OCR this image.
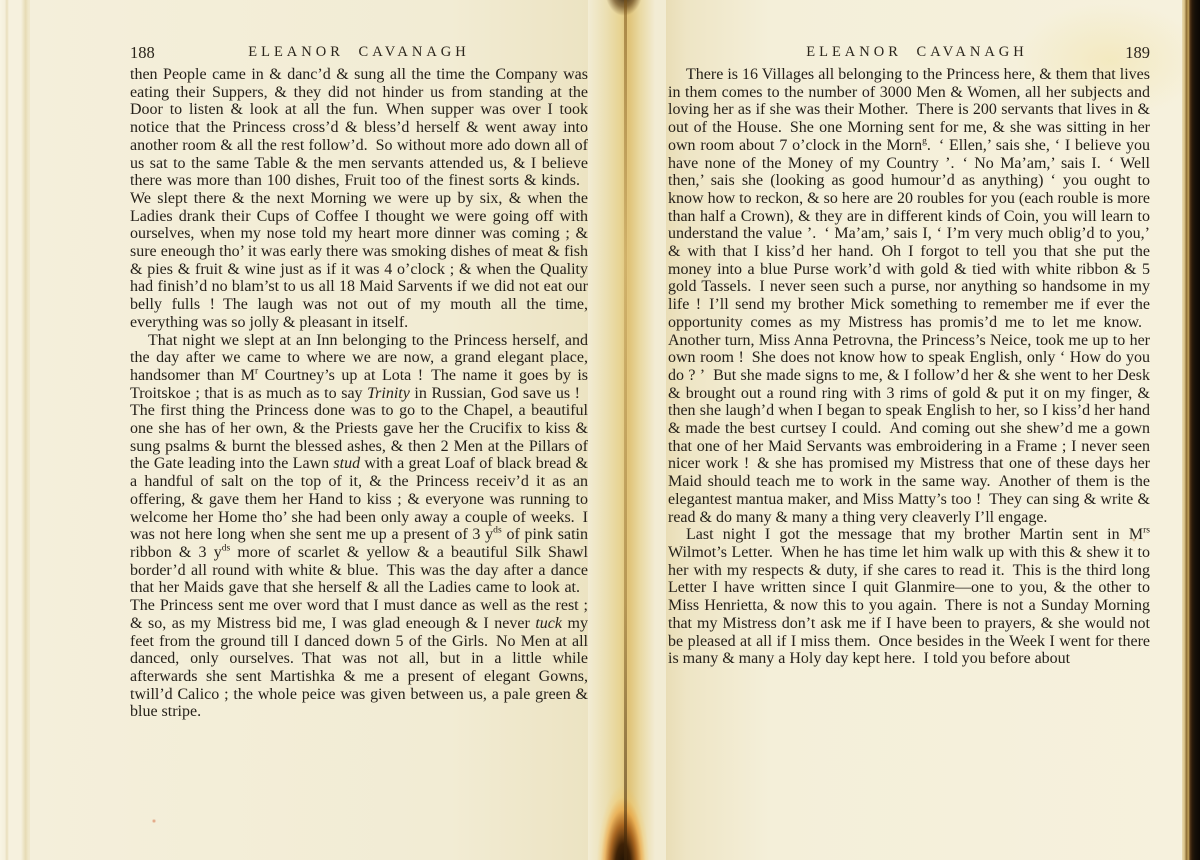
188	ELEANOR CAVANAGH

then People came in & danc’d & sung all the time the Company was eating their Suppers, & they did not hinder us from standing at the Door to listen & look at all the fun. When supper was over I took notice that the Princess cross’d & bless’d herself & went away into another room & all the rest follow’d. So without more ado down all of us sat to the same Table & the men servants attended us, & I believe there was more than 100 dishes, Fruit too of the finest sorts & kinds. We slept there & the next Morning we were up by six, & when the Ladies drank their Cups of Coffee I thought we were going off with ourselves, when my nose told my heart more dinner was coming ; & sure eneough tho’ it was early there was smoking dishes of meat & fish & pies & fruit & wine just as if it was 4 o’clock ; & when the Quality had finish’d no blam’st to us all 18 Maid Sarvents if we did not eat our belly fulls ! The laugh was not out of my mouth all the time, everything was so jolly & pleasant in itself.

That night we slept at an Inn belonging to the Princess herself, and the day after we came to where we are now, a grand elegant place, handsomer than $M^r$ Courtney’s up at Lota ! The name it goes by is Troitskoe ; that is as much as to say Trinity in Russian, God save us ! The first thing the Princess done was to go to the Chapel, a beautiful one she has of her own, & the Priests gave her the Crucifix to kiss & sung psalms & burnt the blessed ashes, & then 2 Men at the Pillars of the Gate leading into the Lawn stud with a great Loaf of black bread & a handful of salt on the top of it, & the Princess receiv’d it as an offering, & gave them her Hand to kiss ; & everyone was running to welcome her Home tho’ she had been only away a couple of weeks. I was not here long when she sent me up a present of 3 $y^{ds}$ of pink satin ribbon & 3 $y^{ds}$ more of scarlet & yellow & a beautiful Silk Shawl border’d all round with white & blue. This was the day after a dance that her Maids gave that she herself & all the Ladies came to look at. The Princess sent me over word that I must dance as well as the rest ; & so, as my Mistress bid me, I was glad eneough & I never tuck my feet from the ground till I danced down 5 of the Girls. No Men at all danced, only ourselves. That was not all, but in a little while afterwards she sent Martishka & me a present of elegant Gowns, twill’d Calico ; the whole peice was given between us, a pale green & blue stripe.

ELEANOR CAVANAGH	189

There is 16 Villages all belonging to the Princess here, & them that lives in them comes to the number of 3000 Men & Women, all her subjects and loving her as if she was their Mother. There is 200 servants that lives in & out of the House. She one Morning sent for me, & she was sitting in her own room about 7 o’clock in the Morn$^g$. ‘ Ellen,’ sais she, ‘ I believe you have none of the Money of my Country ’. ‘ No Ma’am,’ sais I. ‘ Well then,’ sais she (looking as good humour’d as anything) ‘ you ought to know how to reckon, & so here are 20 roubles for you (each rouble is more than half a Crown), & they are in different kinds of Coin, you will learn to understand the value ’. ‘ Ma’am,’ sais I, ‘ I’m very much oblig’d to you,’ & with that I kiss’d her hand. Oh I forgot to tell you that she put the money into a blue Purse work’d with gold & tied with white ribbon & 5 gold Tassels. I never seen such a purse, nor anything so handsome in my life ! I’ll send my brother Mick something to remember me if ever the opportunity comes as my Mistress has promis’d me to let me know. Another turn, Miss Anna Petrovna, the Princess’s Neice, took me up to her own room ! She does not know how to speak English, only ‘ How do you do ? ’ But she made signs to me, & I follow’d her & she went to her Desk & brought out a round ring with 3 rims of gold & put it on my finger, & then she laugh’d when I began to speak English to her, so I kiss’d her hand & made the best curtsey I could. And coming out she shew’d me a gown that one of her Maid Servants was embroidering in a Frame ; I never seen nicer work ! & she has promised my Mistress that one of these days her Maid should teach me to work in the same way. Another of them is the elegantest mantua maker, and Miss Matty’s too ! They can sing & write & read & do many & many a thing very cleaverly I’ll engage.

Last night I got the message that my brother Martin sent in $M^{rs}$ Wilmot’s Letter. When he has time let him walk up with this & shew it to her with my respects & duty, if she cares to read it. This is the third long Letter I have written since I quit Glanmire—one to you, & the other to Miss Henrietta, & now this to you again. There is not a Sunday Morning that my Mistress don’t ask me if I have been to prayers, & she would not be pleased at all if I miss them. Once besides in the Week I went for there is many & many a Holy day kept here. I told you before about
